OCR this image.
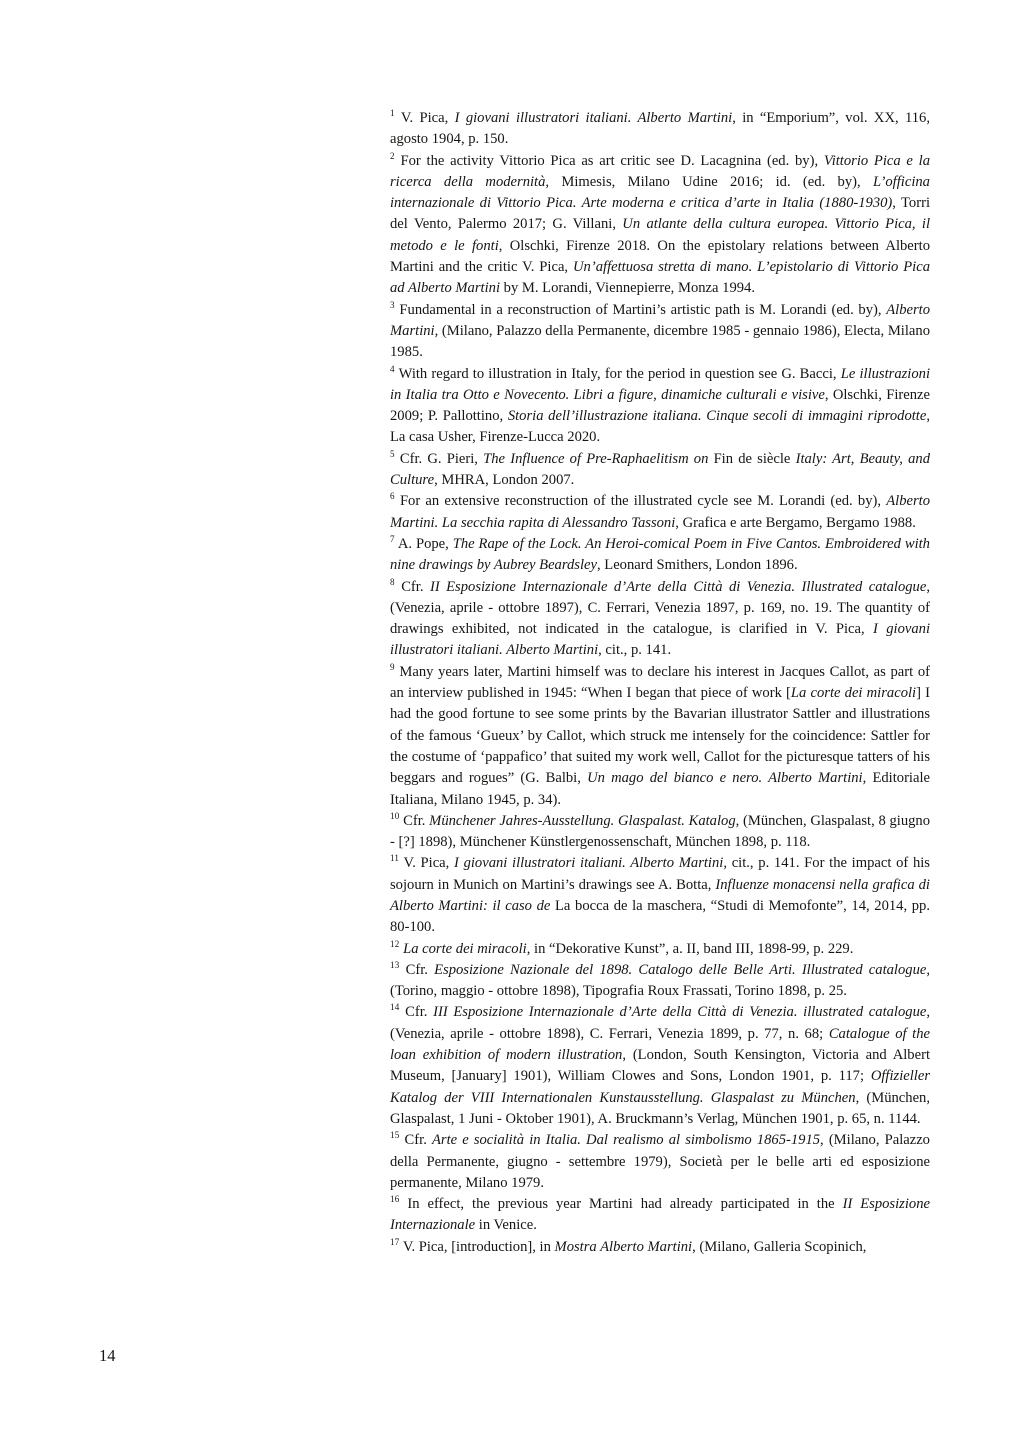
$^1$ V. Pica, I giovani illustratori italiani. Alberto Martini, in “Emporium”, vol. XX, 116, agosto 1904, p. 150.

$^2$ For the activity Vittorio Pica as art critic see D. Lacagnina (ed. by), Vittorio Pica e la ricerca della modernità, Mimesis, Milano Udine 2016; id. (ed. by), L’officina internazionale di Vittorio Pica. Arte moderna e critica d’arte in Italia (1880-1930), Torri del Vento, Palermo 2017; G. Villani, Un atlante della cultura europea. Vittorio Pica, il metodo e le fonti, Olschki, Firenze 2018. On the epistolary relations between Alberto Martini and the critic V. Pica, Un’affettuosa stretta di mano. L’epistolario di Vittorio Pica ad Alberto Martini by M. Lorandi, Viennepierre, Monza 1994.

$^3$ Fundamental in a reconstruction of Martini’s artistic path is M. Lorandi (ed. by), Alberto Martini, (Milano, Palazzo della Permanente, dicembre 1985 - gennaio 1986), Electa, Milano 1985.

$^4$ With regard to illustration in Italy, for the period in question see G. Bacci, Le illustrazioni in Italia tra Otto e Novecento. Libri a figure, dinamiche culturali e visive, Olschki, Firenze 2009; P. Pallottino, Storia dell’illustrazione italiana. Cinque secoli di immagini riprodotte, La casa Usher, Firenze-Lucca 2020.

$^5$ Cfr. G. Pieri, The Influence of Pre-Raphaelitism on Fin de siècle Italy: Art, Beauty, and Culture, MHRA, London 2007.

$^6$ For an extensive reconstruction of the illustrated cycle see M. Lorandi (ed. by), Alberto Martini. La secchia rapita di Alessandro Tassoni, Grafica e arte Bergamo, Bergamo 1988.

$^7$ A. Pope, The Rape of the Lock. An Heroi-comical Poem in Five Cantos. Embroidered with nine drawings by Aubrey Beardsley, Leonard Smithers, London 1896.

$^8$ Cfr. II Esposizione Internazionale d’Arte della Città di Venezia. Illustrated catalogue, (Venezia, aprile - ottobre 1897), C. Ferrari, Venezia 1897, p. 169, no. 19. The quantity of drawings exhibited, not indicated in the catalogue, is clarified in V. Pica, I giovani illustratori italiani. Alberto Martini, cit., p. 141.

$^9$ Many years later, Martini himself was to declare his interest in Jacques Callot, as part of an interview published in 1945: “When I began that piece of work [La corte dei miracoli] I had the good fortune to see some prints by the Bavarian illustrator Sattler and illustrations of the famous ‘Gueux’ by Callot, which struck me intensely for the coincidence: Sattler for the costume of ‘pappafico’ that suited my work well, Callot for the picturesque tatters of his beggars and rogues” (G. Balbi, Un mago del bianco e nero. Alberto Martini, Editoriale Italiana, Milano 1945, p. 34).

$^{10}$ Cfr. Münchener Jahres-Ausstellung. Glaspalast. Katalog, (München, Glaspalast, 8 giugno - [?] 1898), Münchener Künstlergenossenschaft, München 1898, p. 118.

$^{11}$ V. Pica, I giovani illustratori italiani. Alberto Martini, cit., p. 141. For the impact of his sojourn in Munich on Martini’s drawings see A. Botta, Influenze monacensi nella grafica di Alberto Martini: il caso de La bocca de la maschera, “Studi di Memofonte”, 14, 2014, pp. 80-100.

$^{12}$ La corte dei miracoli, in “Dekorative Kunst”, a. II, band III, 1898-99, p. 229.

$^{13}$ Cfr. Esposizione Nazionale del 1898. Catalogo delle Belle Arti. Illustrated catalogue, (Torino, maggio - ottobre 1898), Tipografia Roux Frassati, Torino 1898, p. 25.

$^{14}$ Cfr. III Esposizione Internazionale d’Arte della Città di Venezia. illustrated catalogue, (Venezia, aprile - ottobre 1898), C. Ferrari, Venezia 1899, p. 77, n. 68; Catalogue of the loan exhibition of modern illustration, (London, South Kensington, Victoria and Albert Museum, [January] 1901), William Clowes and Sons, London 1901, p. 117; Offizieller Katalog der VIII Internationalen Kunstausstellung. Glaspalast zu München, (München, Glaspalast, 1 Juni - Oktober 1901), A. Bruckmann’s Verlag, München 1901, p. 65, n. 1144.

$^{15}$ Cfr. Arte e socialità in Italia. Dal realismo al simbolismo 1865-1915, (Milano, Palazzo della Permanente, giugno - settembre 1979), Società per le belle arti ed esposizione permanente, Milano 1979.

$^{16}$ In effect, the previous year Martini had already participated in the II Esposizione Internazionale in Venice.

$^{17}$ V. Pica, [introduction], in Mostra Alberto Martini, (Milano, Galleria Scopinich,

14
